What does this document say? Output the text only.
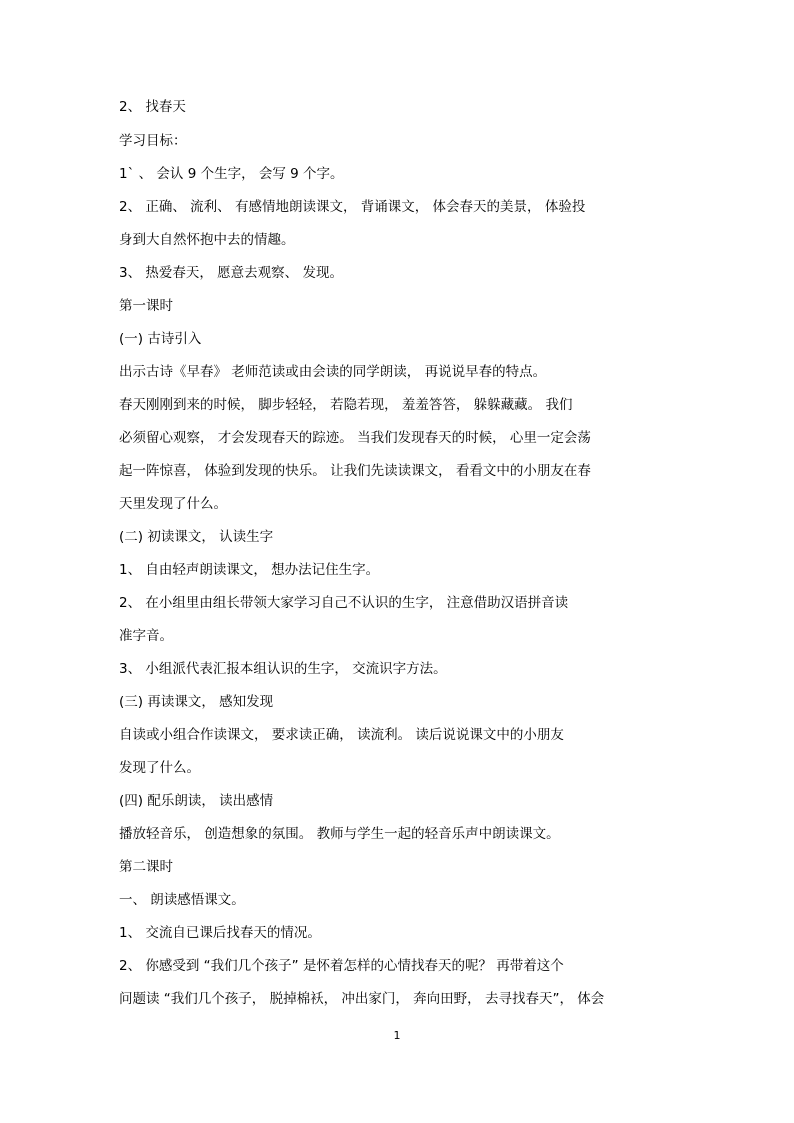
2、 找春天
学习目标：
1` 、 会认 9 个生字， 会写 9 个字。
2、 正确、 流利、 有感情地朗读课文， 背诵课文， 体会春天的美景， 体验投
身到大自然怀抱中去的情趣。
3、 热爱春天， 愿意去观察、 发现。
第一课时
(一) 古诗引入
出示古诗《早春》 老师范读或由会读的同学朗读， 再说说早春的特点。
春天刚刚到来的时候， 脚步轻轻， 若隐若现， 羞羞答答， 躲躲藏藏。 我们
必须留心观察， 才会发现春天的踪迹。 当我们发现春天的时候， 心里一定会荡
起一阵惊喜， 体验到发现的快乐。 让我们先读读课文， 看看文中的小朋友在春
天里发现了什么。
(二) 初读课文， 认读生字
1、 自由轻声朗读课文， 想办法记住生字。
2、 在小组里由组长带领大家学习自己不认识的生字， 注意借助汉语拼音读
准字音。
3、 小组派代表汇报本组认识的生字， 交流识字方法。
(三) 再读课文， 感知发现
自读或小组合作读课文， 要求读正确， 读流利。 读后说说课文中的小朋友
发现了什么。
(四) 配乐朗读， 读出感情
播放轻音乐， 创造想象的氛围。 教师与学生一起的轻音乐声中朗读课文。
第二课时
一、 朗读感悟课文。
1、 交流自已课后找春天的情况。
2、 你感受到 “我们几个孩子” 是怀着怎样的心情找春天的呢？ 再带着这个
问题读 “我们几个孩子， 脱掉棉袄， 冲出家门， 奔向田野， 去寻找春天”， 体会
1
